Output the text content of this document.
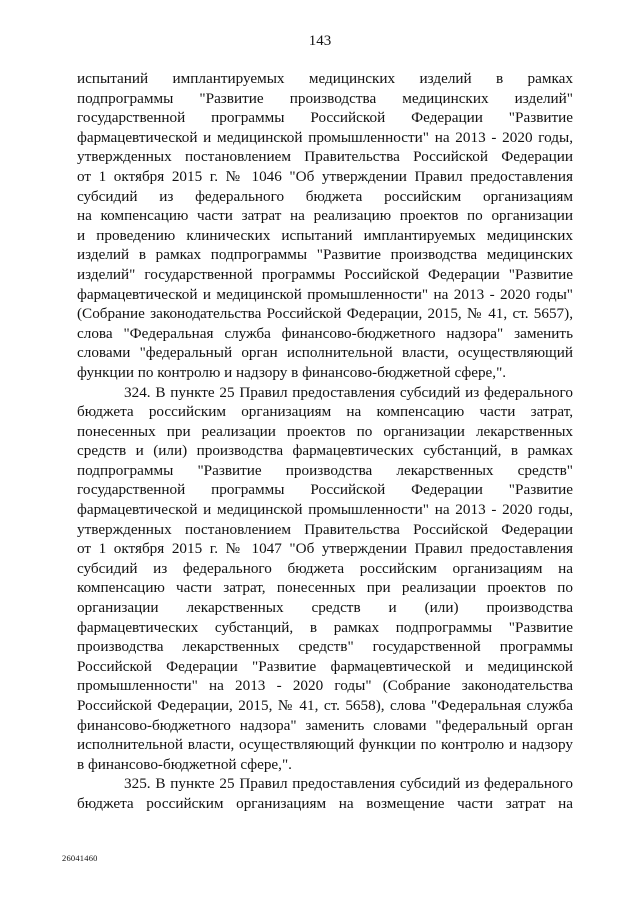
143
испытаний имплантируемых медицинских изделий в рамках
подпрограммы "Развитие производства медицинских изделий"
государственной программы Российской Федерации "Развитие
фармацевтической и медицинской промышленности" на 2013 - 2020 годы,
утвержденных постановлением Правительства Российской Федерации
от 1 октября 2015 г. № 1046 "Об утверждении Правил предоставления
субсидий из федерального бюджета российским организациям
на компенсацию части затрат на реализацию проектов по организации
и проведению клинических испытаний имплантируемых медицинских
изделий в рамках подпрограммы "Развитие производства медицинских
изделий" государственной программы Российской Федерации "Развитие
фармацевтической и медицинской промышленности" на 2013 - 2020 годы"
(Собрание законодательства Российской Федерации, 2015, № 41, ст. 5657),
слова "Федеральная служба финансово-бюджетного надзора" заменить
словами "федеральный орган исполнительной власти, осуществляющий
функции по контролю и надзору в финансово-бюджетной сфере,".
324. В пункте 25 Правил предоставления субсидий из федерального
бюджета российским организациям на компенсацию части затрат,
понесенных при реализации проектов по организации лекарственных
средств и (или) производства фармацевтических субстанций, в рамках
подпрограммы "Развитие производства лекарственных средств"
государственной программы Российской Федерации "Развитие
фармацевтической и медицинской промышленности" на 2013 - 2020 годы,
утвержденных постановлением Правительства Российской Федерации
от 1 октября 2015 г. № 1047 "Об утверждении Правил предоставления
субсидий из федерального бюджета российским организациям на
компенсацию части затрат, понесенных при реализации проектов по
организации лекарственных средств и (или) производства
фармацевтических субстанций, в рамках подпрограммы "Развитие
производства лекарственных средств" государственной программы
Российской Федерации "Развитие фармацевтической и медицинской
промышленности" на 2013 - 2020 годы" (Собрание законодательства
Российской Федерации, 2015, № 41, ст. 5658), слова "Федеральная служба
финансово-бюджетного надзора" заменить словами "федеральный орган
исполнительной власти, осуществляющий функции по контролю и надзору
в финансово-бюджетной сфере,".
325. В пункте 25 Правил предоставления субсидий из федерального
бюджета российским организациям на возмещение части затрат на
26041460
